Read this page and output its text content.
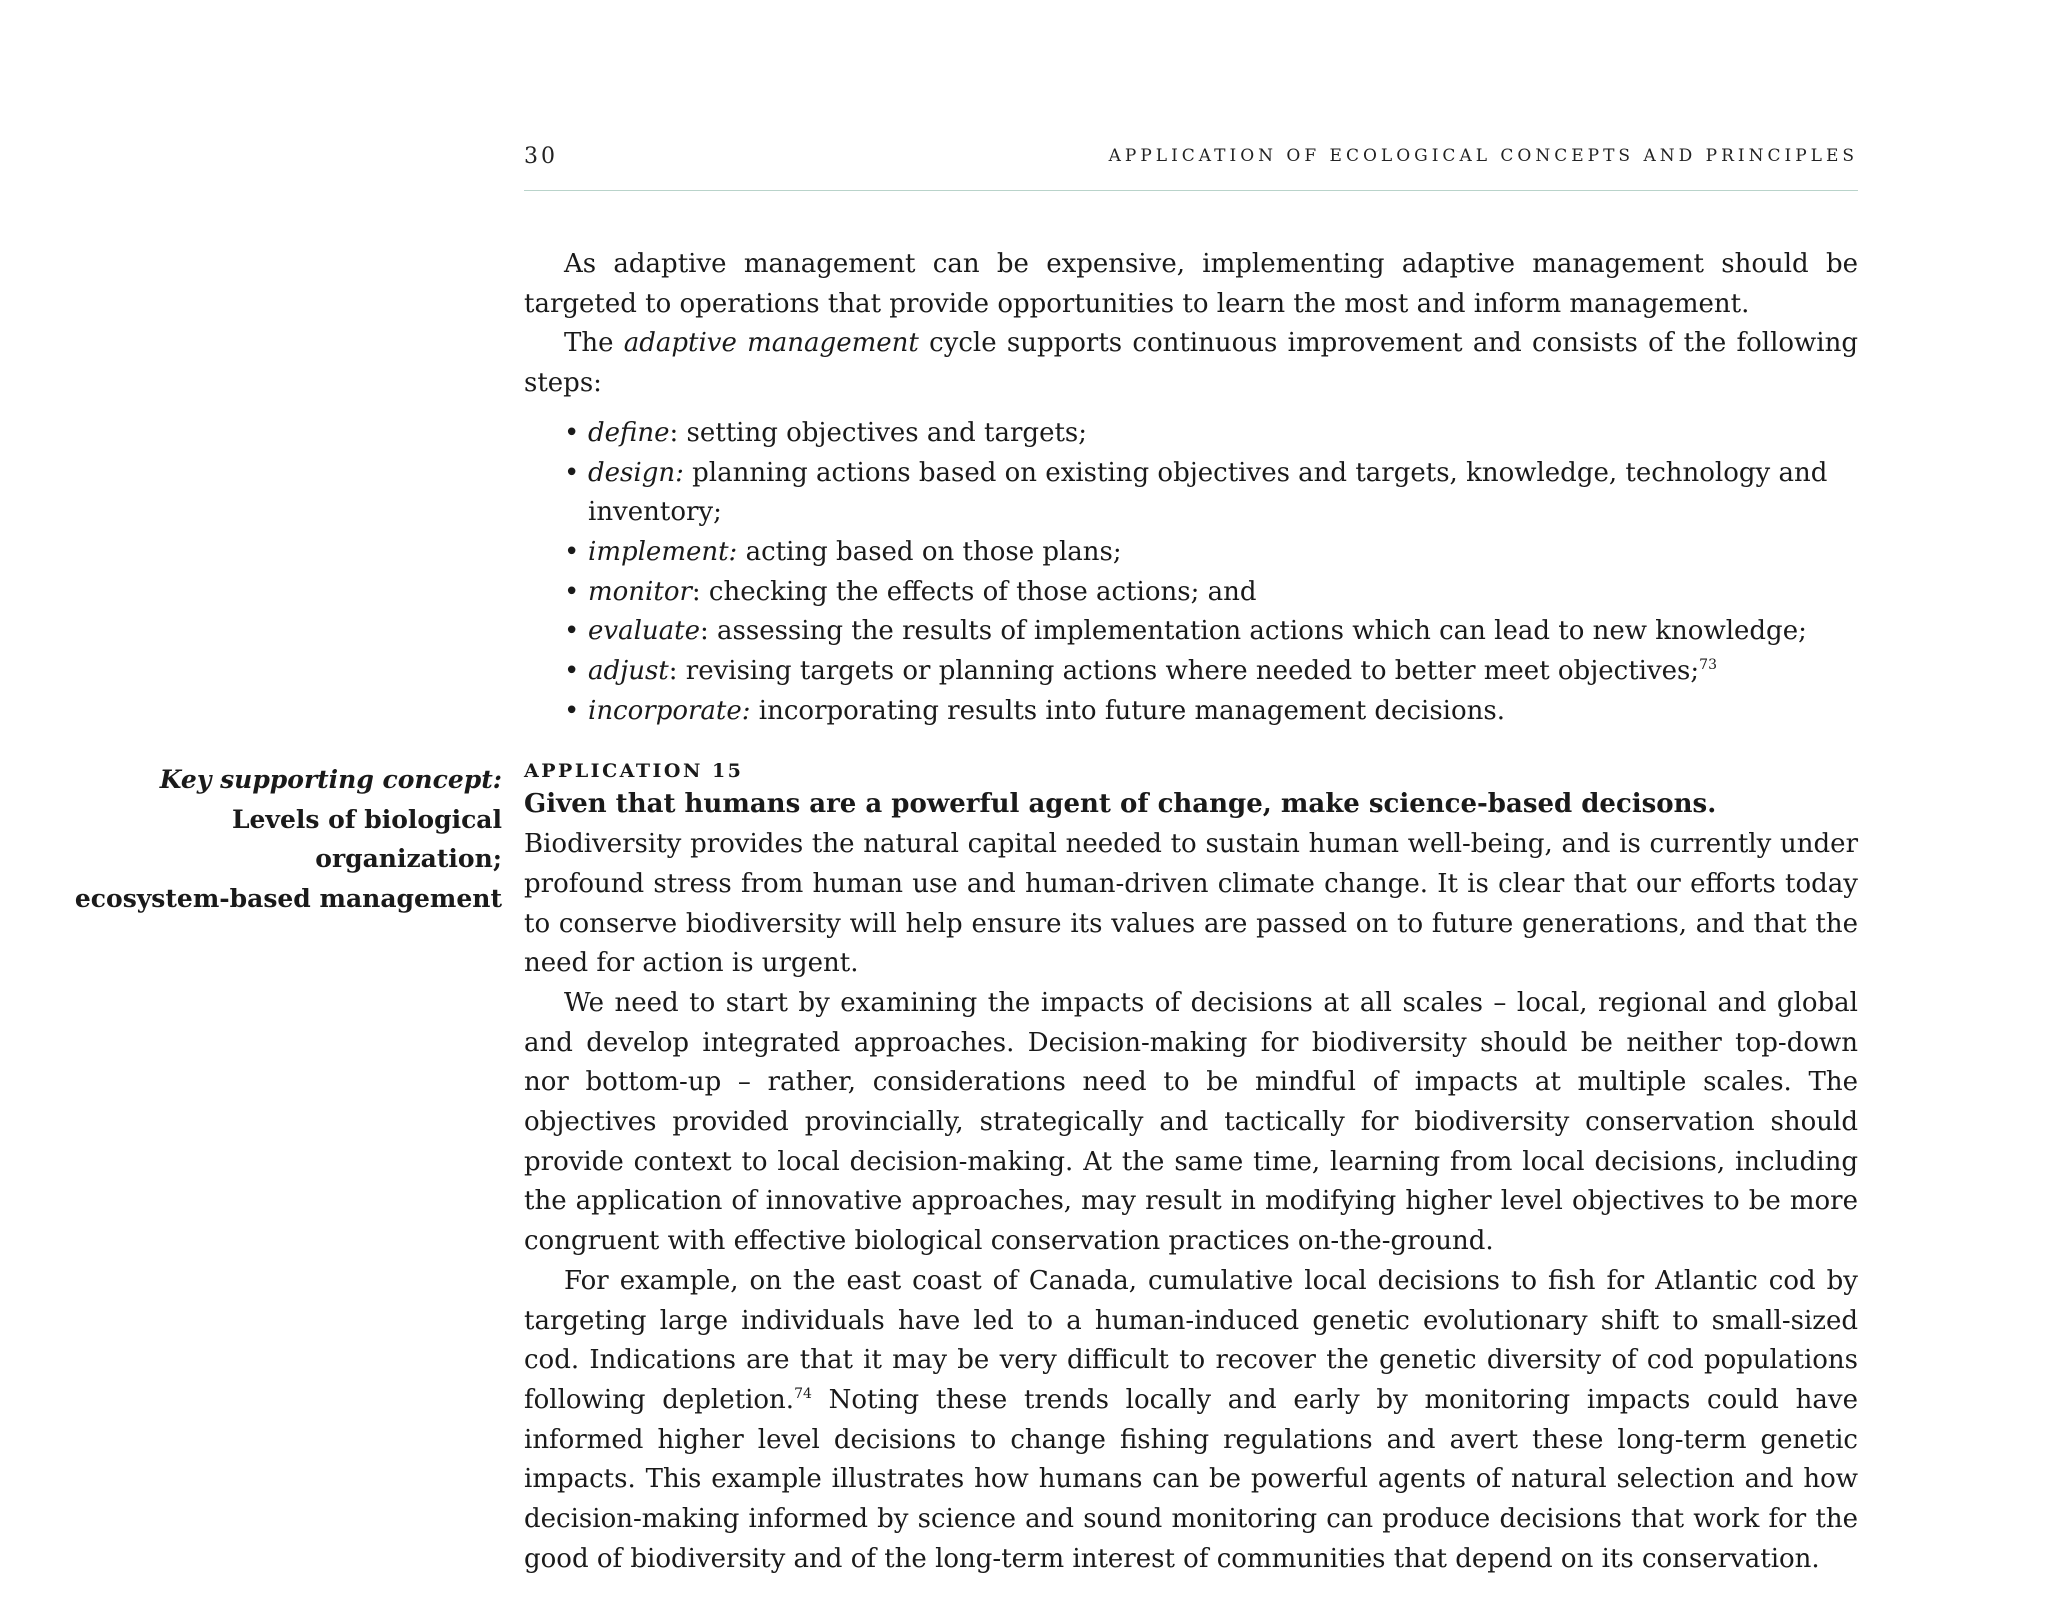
30	APPLICATION OF ECOLOGICAL CONCEPTS AND PRINCIPLES
Key supporting concept:
Levels of biological organization;
ecosystem-based management

As adaptive management can be expensive, implementing adaptive management should be targeted to operations that provide opportunities to learn the most and inform management.

The adaptive management cycle supports continuous improvement and consists of the following steps:

• define: setting objectives and targets;
• design: planning actions based on existing objectives and targets, knowledge, technology and inventory;
• implement: acting based on those plans;
• monitor: checking the effects of those actions; and
• evaluate: assessing the results of implementation actions which can lead to new knowledge;
• adjust: revising targets or planning actions where needed to better meet objectives;$^{73}$
• incorporate: incorporating results into future management decisions.
APPLICATION 15

Given that humans are a powerful agent of change, make science-based decisons.

Biodiversity provides the natural capital needed to sustain human well-being, and is currently under profound stress from human use and human-driven climate change. It is clear that our efforts today to conserve biodiversity will help ensure its values are passed on to future generations, and that the need for action is urgent.

We need to start by examining the impacts of decisions at all scales – local, regional and global and develop integrated approaches. Decision-making for biodiversity should be neither top-down nor bottom-up – rather, considerations need to be mindful of impacts at multiple scales. The objectives provided provincially, strategically and tactically for biodiversity conservation should provide context to local decision-making. At the same time, learning from local decisions, including the application of innovative approaches, may result in modifying higher level objectives to be more congruent with effective biological conservation practices on-the-ground.

For example, on the east coast of Canada, cumulative local decisions to fish for Atlantic cod by targeting large individuals have led to a human-induced genetic evolutionary shift to small-sized cod. Indications are that it may be very difficult to recover the genetic diversity of cod populations following depletion.$^{74}$ Noting these trends locally and early by monitoring impacts could have informed higher level decisions to change fishing regulations and avert these long-term genetic impacts. This example illustrates how humans can be powerful agents of natural selection and how decision-making informed by science and sound monitoring can produce decisions that work for the good of biodiversity and of the long-term interest of communities that depend on its conservation.
